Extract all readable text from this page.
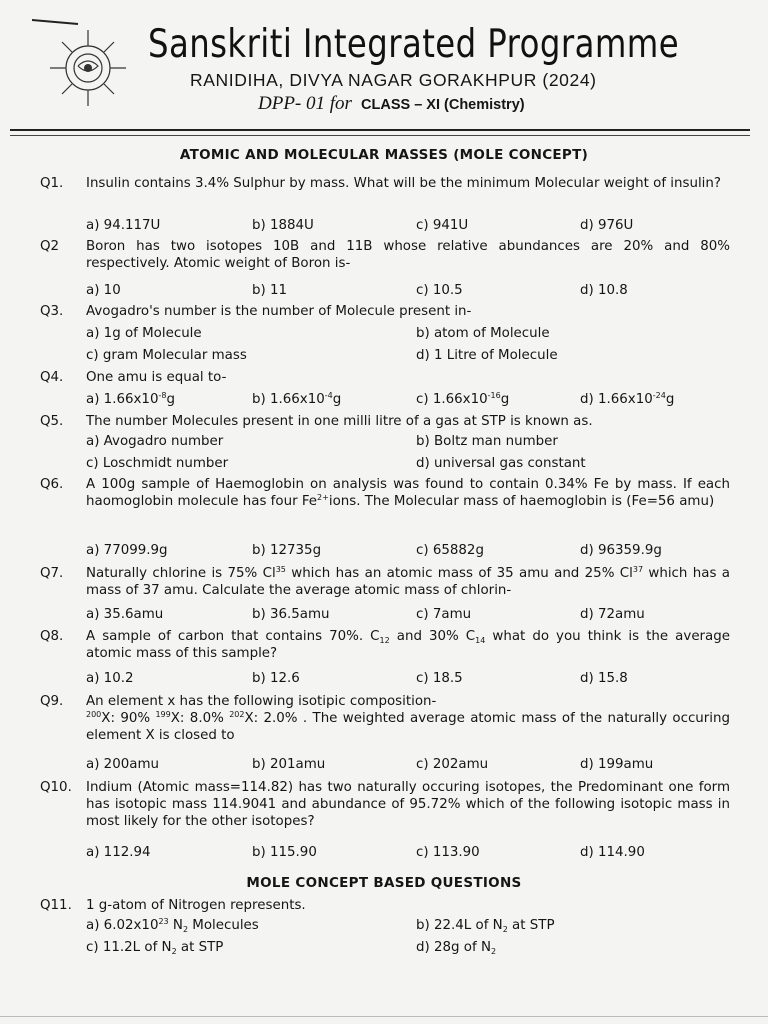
Sanskriti Integrated Programme
RANIDIHA, DIVYA NAGAR GORAKHPUR (2024)
DPP- 01 for CLASS – XI (Chemistry)
ATOMIC AND MOLECULAR MASSES (MOLE CONCEPT)
Q1.	Insulin contains 3.4% Sulphur by mass. What will be the minimum Molecular weight of insulin?
a) 94.117U	b) 1884U	c) 941U	d) 976U
Q2	Boron has two isotopes 10B and 11B whose relative abundances are 20% and 80% respectively. Atomic weight of Boron is-
a) 10	b) 11	c) 10.5	d) 10.8
Q3.	Avogadro's number is the number of Molecule present in-
a) 1g of Molecule	b) atom of Molecule
c) gram Molecular mass	d) 1 Litre of Molecule
Q4.	One amu is equal to-
a) $1.66x10^{-8}g$	b) $1.66x10^{-4}g$	c) $1.66x10^{-16}g$	d) $1.66x10^{-24}g$
Q5.	The number Molecules present in one milli litre of a gas at STP is known as.
a) Avogadro number	b) Boltz man number
c) Loschmidt number	d) universal gas constant
Q6.	A 100g sample of Haemoglobin on analysis was found to contain 0.34% Fe by mass. If each haomoglobin molecule has four $Fe^{2+}ions$. The Molecular mass of haemoglobin is (Fe=56 amu)
a) 77099.9g	b) 12735g	c) 65882g	d) 96359.9g
Q7.	Naturally chlorine is 75% Cl$^{35}$ which has an atomic mass of 35 amu and 25% Cl$^{37}$ which has a mass of 37 amu. Calculate the average atomic mass of chlorin-
a) 35.6amu	b) 36.5amu	c) 7amu	d) 72amu
Q8.	A sample of carbon that contains 70%. $C_{12}$ and 30% $C_{14}$ what do you think is the average atomic mass of this sample?
a) 10.2	b) 12.6	c) 18.5	d) 15.8
Q9.	An element x has the following isotipic composition-
$^{200}$X: 90% $^{199}$X: 8.0% $^{202}$X: 2.0% . The weighted average atomic mass of the naturally occuring element X is closed to
a) 200amu	b) 201amu	c) 202amu	d) 199amu
Q10.	Indium (Atomic mass=114.82) has two naturally occuring isotopes, the Predominant one form has isotopic mass 114.9041 and abundance of 95.72% which of the following isotopic mass in most likely for the other isotopes?
a) 112.94	b) 115.90	c) 113.90	d) 114.90
MOLE CONCEPT BASED QUESTIONS
Q11.	1 g-atom of Nitrogen represents.
a) $6.02x10^{23}$ $N_2$ Molecules	b) 22.4L of $N_2$ at STP
c) 11.2L of $N_2$ at STP	d) 28g of $N_2$
